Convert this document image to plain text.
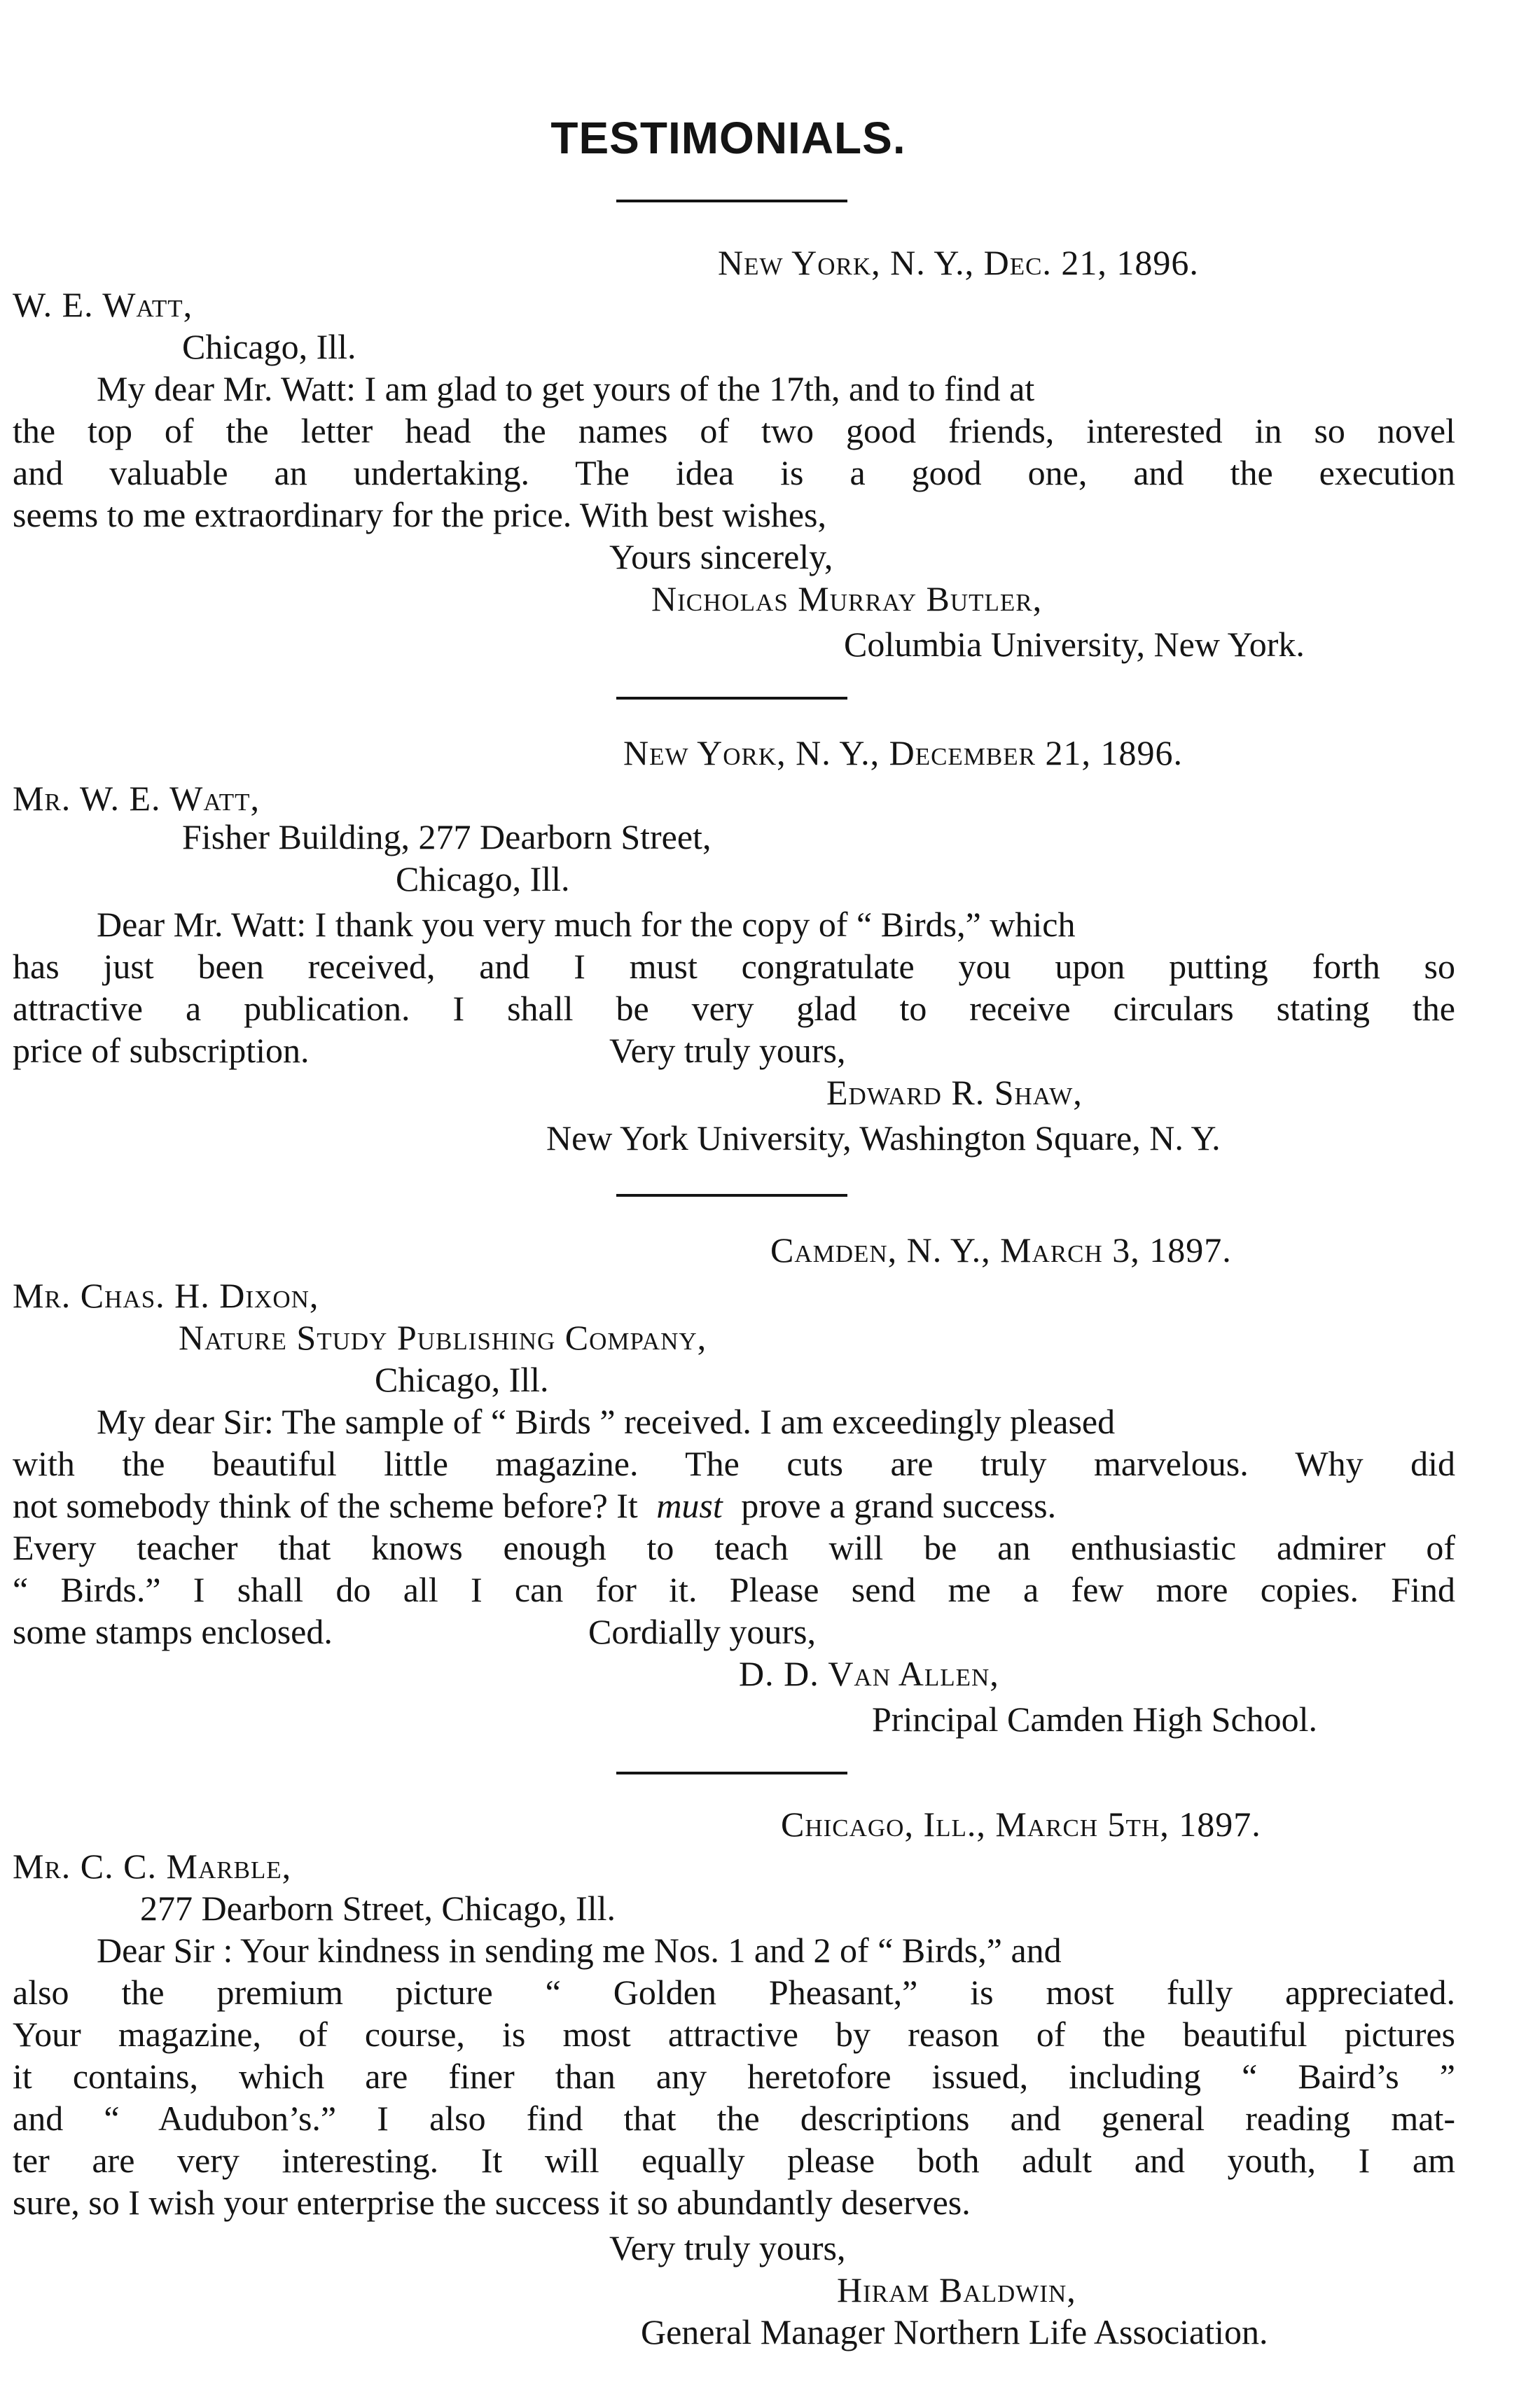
TESTIMONIALS.
New York, N. Y., Dec. 21, 1896.
W. E. Watt,
Chicago, Ill.
My dear Mr. Watt: I am glad to get yours of the 17th, and to find at
the top of the letter head the names of two good friends, interested in so novel
and valuable an undertaking. The idea is a good one, and the execution
seems to me extraordinary for the price. With best wishes,
Yours sincerely,
Nicholas Murray Butler,
Columbia University, New York.
New York, N. Y., December 21, 1896.
Mr. W. E. Watt,
Fisher Building, 277 Dearborn Street,
Chicago, Ill.
Dear Mr. Watt: I thank you very much for the copy of “ Birds,” which
has just been received, and I must congratulate you upon putting forth so
attractive a publication. I shall be very glad to receive circulars stating the
price of subscription.	Very truly yours,
Edward R. Shaw,
New York University, Washington Square, N. Y.
Camden, N. Y., March 3, 1897.
Mr. Chas. H. Dixon,
Nature Study Publishing Company,
Chicago, Ill.
My dear Sir: The sample of “ Birds ” received. I am exceedingly pleased
with the beautiful little magazine. The cuts are truly marvelous. Why did
not somebody think of the scheme before? It must prove a grand success.
Every teacher that knows enough to teach will be an enthusiastic admirer of
“ Birds.” I shall do all I can for it. Please send me a few more copies. Find
some stamps enclosed.	Cordially yours,
D. D. Van Allen,
Principal Camden High School.
Chicago, Ill., March 5th, 1897.
Mr. C. C. Marble,
277 Dearborn Street, Chicago, Ill.
Dear Sir : Your kindness in sending me Nos. 1 and 2 of “ Birds,” and
also the premium picture “ Golden Pheasant,” is most fully appreciated.
Your magazine, of course, is most attractive by reason of the beautiful pictures
it contains, which are finer than any heretofore issued, including “ Baird’s ”
and “ Audubon’s.” I also find that the descriptions and general reading mat-
ter are very interesting. It will equally please both adult and youth, I am
sure, so I wish your enterprise the success it so abundantly deserves.
Very truly yours,
Hiram Baldwin,
General Manager Northern Life Association.
